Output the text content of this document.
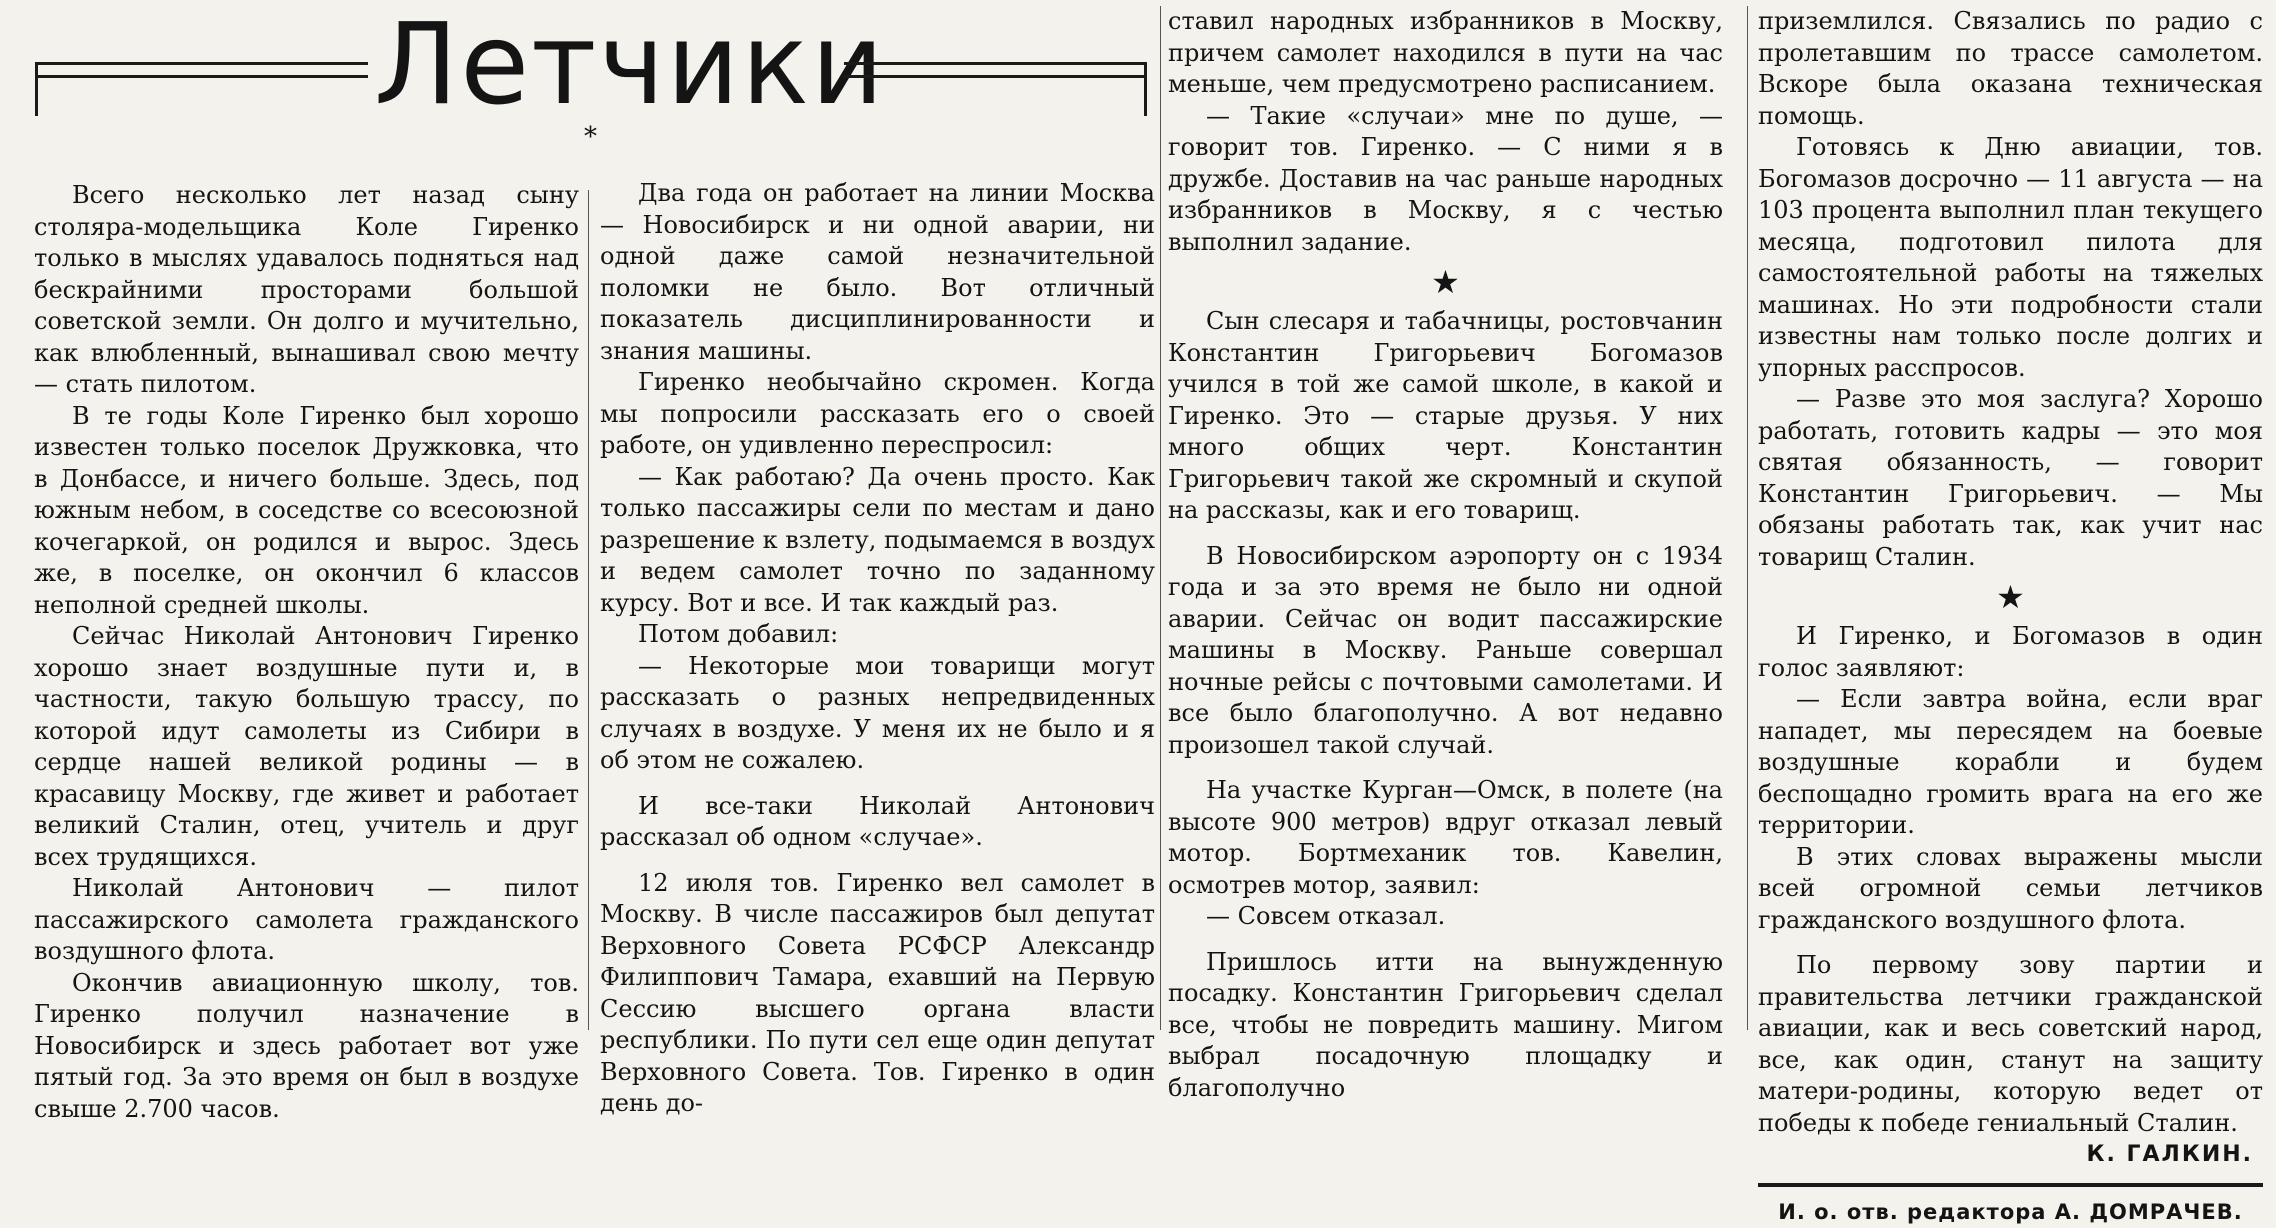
Летчики
*

Всего несколько лет назад сыну столяра-модельщика Коле Гиренко только в мыслях удавалось подняться над бескрайними просторами большой советской земли. Он долго и мучительно, как влюбленный, вынашивал свою мечту — стать пилотом.

В те годы Коле Гиренко был хорошо известен только поселок Дружковка, что в Донбассе, и ничего больше. Здесь, под южным небом, в соседстве со всесоюзной кочегаркой, он родился и вырос. Здесь же, в поселке, он окончил 6 классов неполной средней школы.

Сейчас Николай Антонович Гиренко хорошо знает воздушные пути и, в частности, такую большую трассу, по которой идут самолеты из Сибири в сердце нашей великой родины — в красавицу Москву, где живет и работает великий Сталин, отец, учитель и друг всех трудящихся.

Николай Антонович — пилот пассажирского самолета гражданского воздушного флота.

Окончив авиационную школу, тов. Гиренко получил назначение в Новосибирск и здесь работает вот уже пятый год. За это время он был в воздухе свыше 2.700 часов.

Два года он работает на линии Москва — Новосибирск и ни одной аварии, ни одной даже самой незначительной поломки не было. Вот отличный показатель дисциплинированности и знания машины.

Гиренко необычайно скромен. Когда мы попросили рассказать его о своей работе, он удивленно переспросил:

— Как работаю? Да очень просто. Как только пассажиры сели по местам и дано разрешение к взлету, подымаемся в воздух и ведем самолет точно по заданному курсу. Вот и все. И так каждый раз.

Потом добавил:

— Некоторые мои товарищи могут рассказать о разных непредвиденных случаях в воздухе. У меня их не было и я об этом не сожалею.

И все-таки Николай Антонович рассказал об одном «случае».

12 июля тов. Гиренко вел самолет в Москву. В числе пассажиров был депутат Верховного Совета РСФСР Александр Филиппович Тамара, ехавший на Первую Сессию высшего органа власти республики. По пути сел еще один депутат Верховного Совета. Тов. Гиренко в один день до-

ставил народных избранников в Москву, причем самолет находился в пути на час меньше, чем предусмотрено расписанием.

— Такие «случаи» мне по душе, — говорит тов. Гиренко. — С ними я в дружбе. Доставив на час раньше народных избранников в Москву, я с честью выполнил задание.

★

Сын слесаря и табачницы, ростовчанин Константин Григорьевич Богомазов учился в той же самой школе, в какой и Гиренко. Это — старые друзья. У них много общих черт. Константин Григорьевич такой же скромный и скупой на рассказы, как и его товарищ.

В Новосибирском аэропорту он с 1934 года и за это время не было ни одной аварии. Сейчас он водит пассажирские машины в Москву. Раньше совершал ночные рейсы с почтовыми самолетами. И все было благополучно. А вот недавно произошел такой случай.

На участке Курган—Омск, в полете (на высоте 900 метров) вдруг отказал левый мотор. Бортмеханик тов. Кавелин, осмотрев мотор, заявил:

— Совсем отказал.

Пришлось итти на вынужденную посадку. Константин Григорьевич сделал все, чтобы не повредить машину. Мигом выбрал посадочную площадку и благополучно

приземлился. Связались по радио с пролетавшим по трассе самолетом. Вскоре была оказана техническая помощь.

Готовясь к Дню авиации, тов. Богомазов досрочно — 11 августа — на 103 процента выполнил план текущего месяца, подготовил пилота для самостоятельной работы на тяжелых машинах. Но эти подробности стали известны нам только после долгих и упорных расспросов.

— Разве это моя заслуга? Хорошо работать, готовить кадры — это моя святая обязанность, — говорит Константин Григорьевич. — Мы обязаны работать так, как учит нас товарищ Сталин.

★

И Гиренко, и Богомазов в один голос заявляют:

— Если завтра война, если враг нападет, мы пересядем на боевые воздушные корабли и будем беспощадно громить врага на его же территории.

В этих словах выражены мысли всей огромной семьи летчиков гражданского воздушного флота.

По первому зову партии и правительства летчики гражданской авиации, как и весь советский народ, все, как один, станут на защиту матери-родины, которую ведет от победы к победе гениальный Сталин.

К. ГАЛКИН.

И. о. отв. редактора А. ДОМРАЧЕВ.
